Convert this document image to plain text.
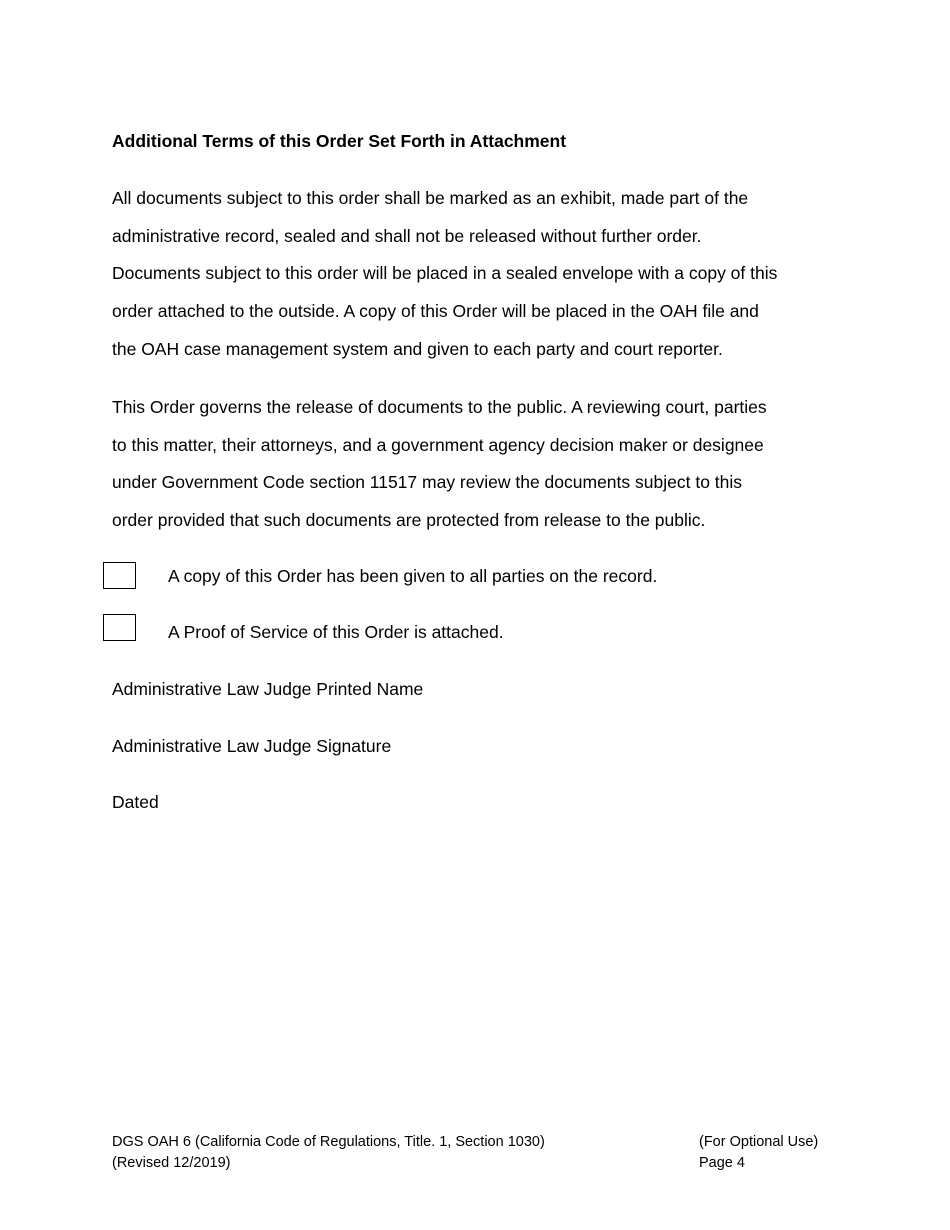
Additional Terms of this Order Set Forth in Attachment
All documents subject to this order shall be marked as an exhibit, made part of the
administrative record, sealed and shall not be released without further order.
Documents subject to this order will be placed in a sealed envelope with a copy of this
order attached to the outside. A copy of this Order will be placed in the OAH file and
the OAH case management system and given to each party and court reporter.
This Order governs the release of documents to the public. A reviewing court, parties
to this matter, their attorneys, and a government agency decision maker or designee
under Government Code section 11517 may review the documents subject to this
order provided that such documents are protected from release to the public.
A copy of this Order has been given to all parties on the record.
A Proof of Service of this Order is attached.
Administrative Law Judge Printed Name
Administrative Law Judge Signature
Dated
DGS OAH 6 (California Code of Regulations, Title. 1, Section 1030)
(Revised 12/2019)
(For Optional Use)
Page 4
